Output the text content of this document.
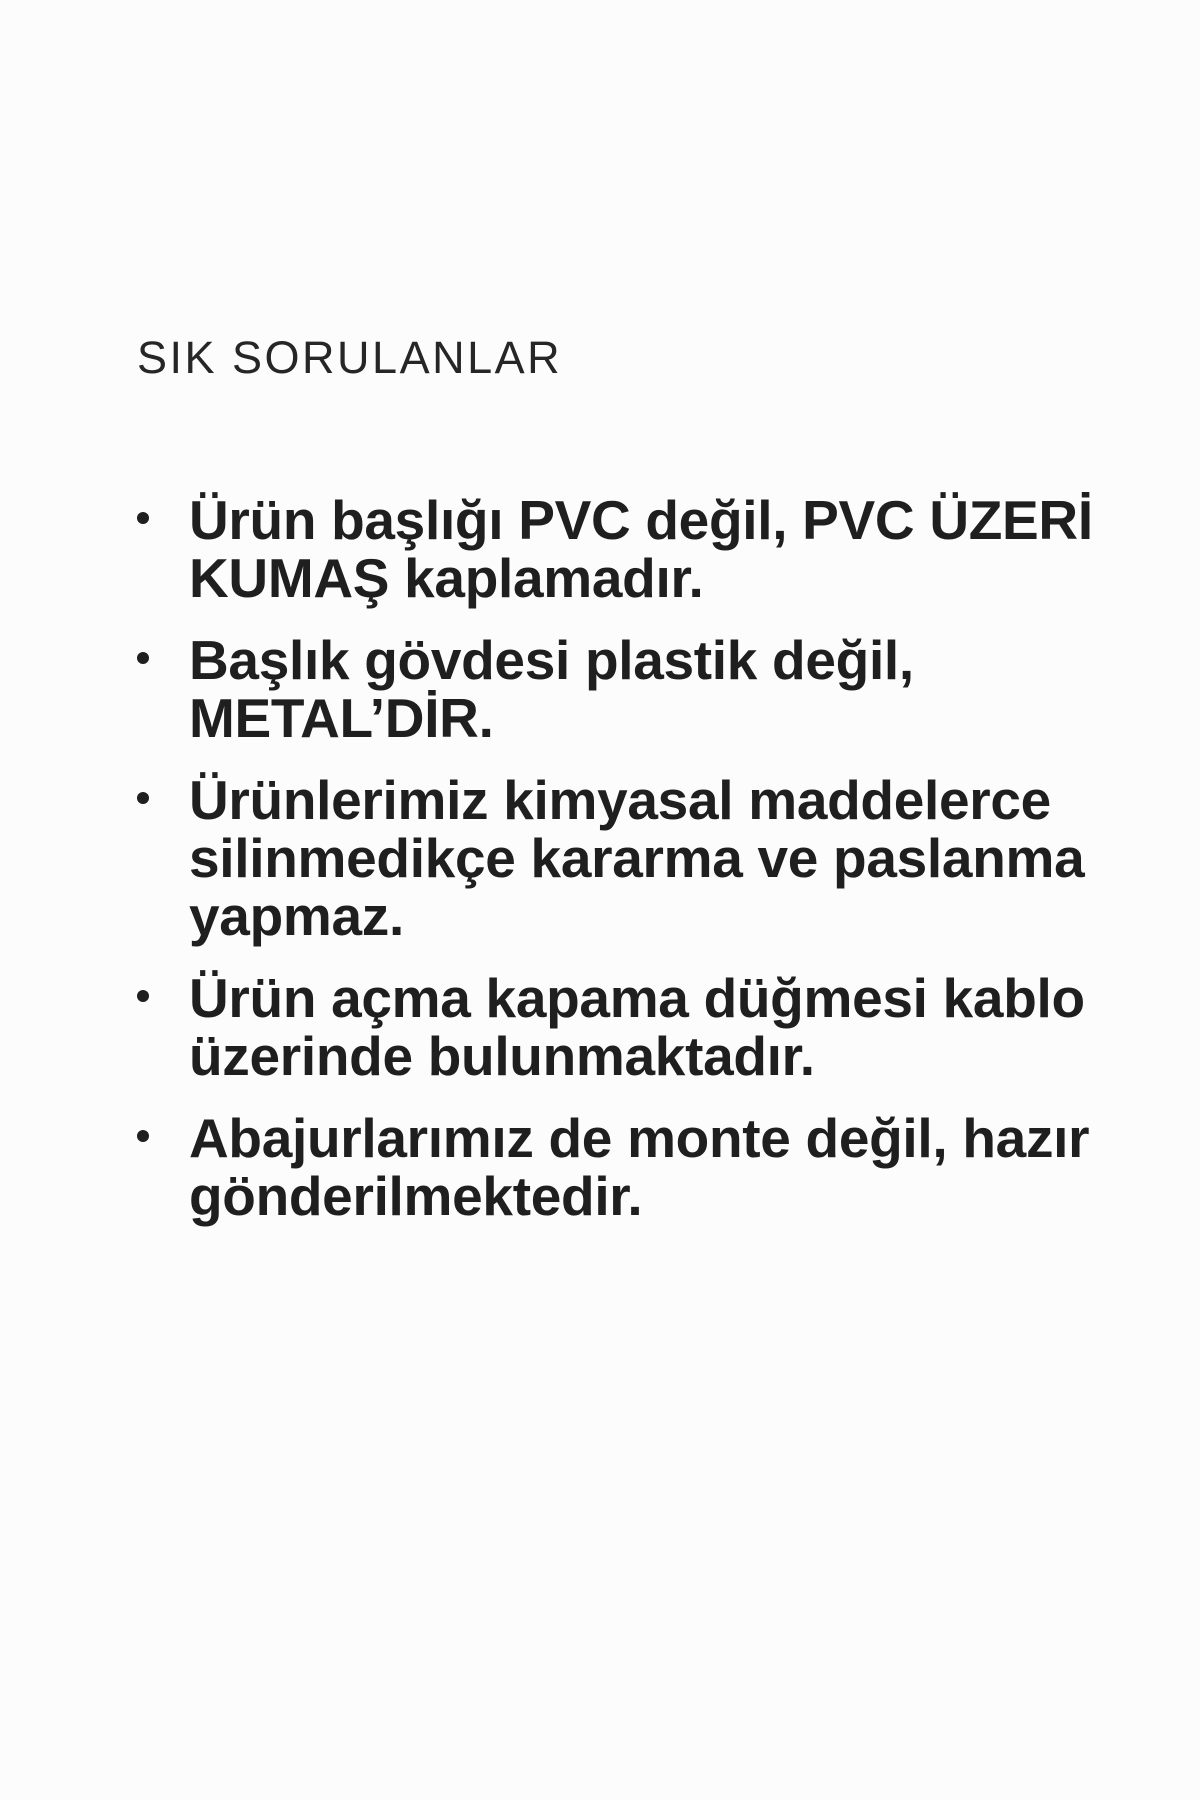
SIK SORULANLAR
Ürün başlığı PVC değil, PVC ÜZERİ
KUMAŞ kaplamadır.
Başlık gövdesi plastik değil,
METAL’DİR.
Ürünlerimiz kimyasal maddelerce
silinmedikçe kararma ve paslanma
yapmaz.
Ürün açma kapama düğmesi kablo
üzerinde bulunmaktadır.
Abajurlarımız de monte değil, hazır
gönderilmektedir.
